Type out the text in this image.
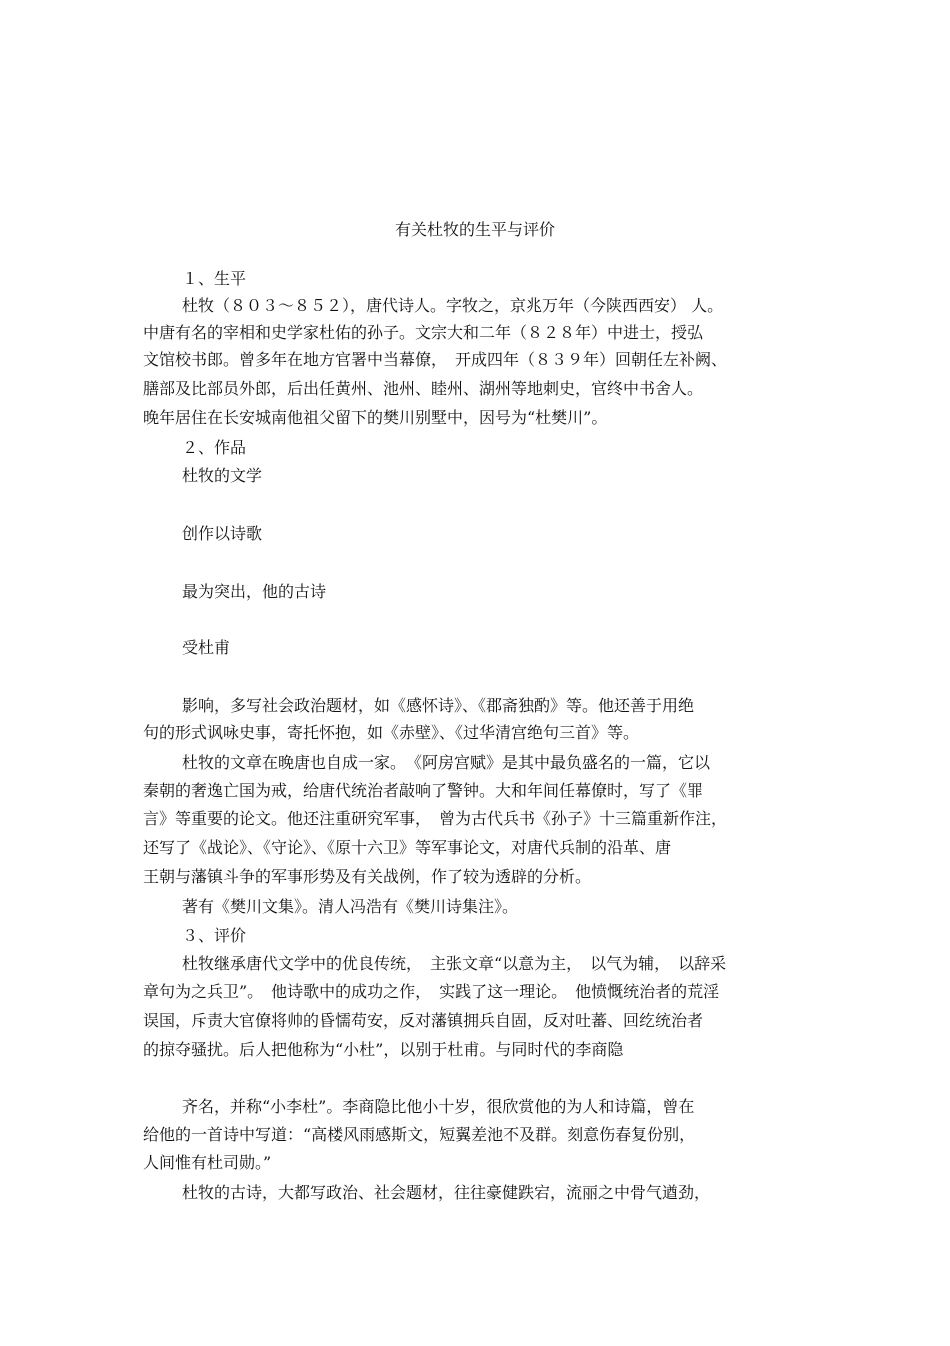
有关杜牧的生平与评价
１、生平
杜牧（８０３～８５２），唐代诗人。字牧之，京兆万年（今陕西西安） 人。
中唐有名的宰相和史学家杜佑的孙子。文宗大和二年（８２８年）中进士，授弘
文馆校书郎。曾多年在地方官署中当幕僚，　开成四年（８３９年）回朝任左补阙、
膳部及比部员外郎，后出任黄州、池州、睦州、湖州等地刺史，官终中书舍人。
晚年居住在长安城南他祖父留下的樊川别墅中，因号为“杜樊川”。
２、作品
杜牧的文学
创作以诗歌
最为突出，他的古诗
受杜甫
影响，多写社会政治题材，如《感怀诗》、《郡斋独酌》等。他还善于用绝
句的形式讽咏史事，寄托怀抱，如《赤壁》、《过华清宫绝句三首》等。
杜牧的文章在晚唐也自成一家。　《阿房宫赋》是其中最负盛名的一篇，它以
秦朝的奢逸亡国为戒，给唐代统治者敲响了警钟。大和年间任幕僚时，写了《罪
言》等重要的论文。他还注重研究军事，　曾为古代兵书《孙子》十三篇重新作注，
还写了《战论》、《守论》、《原十六卫》等军事论文，对唐代兵制的沿革、唐
王朝与藩镇斗争的军事形势及有关战例，作了较为透辟的分析。
著有《樊川文集》。清人冯浩有《樊川诗集注》。
３、评价
杜牧继承唐代文学中的优良传统，　主张文章“以意为主，　以气为辅，　以辞采
章句为之兵卫”。　他诗歌中的成功之作，　实践了这一理论。　他愤慨统治者的荒淫
误国，斥责大官僚将帅的昏懦苟安，反对藩镇拥兵自固，反对吐蕃、回纥统治者
的掠夺骚扰。后人把他称为“小杜”，以别于杜甫。与同时代的李商隐
齐名，并称“小李杜”。李商隐比他小十岁，很欣赏他的为人和诗篇，曾在
给他的一首诗中写道：“高楼风雨感斯文，短翼差池不及群。刻意伤春复份别，
人间惟有杜司勋。”
杜牧的古诗，大都写政治、社会题材，往往豪健跌宕，流丽之中骨气遒劲，
